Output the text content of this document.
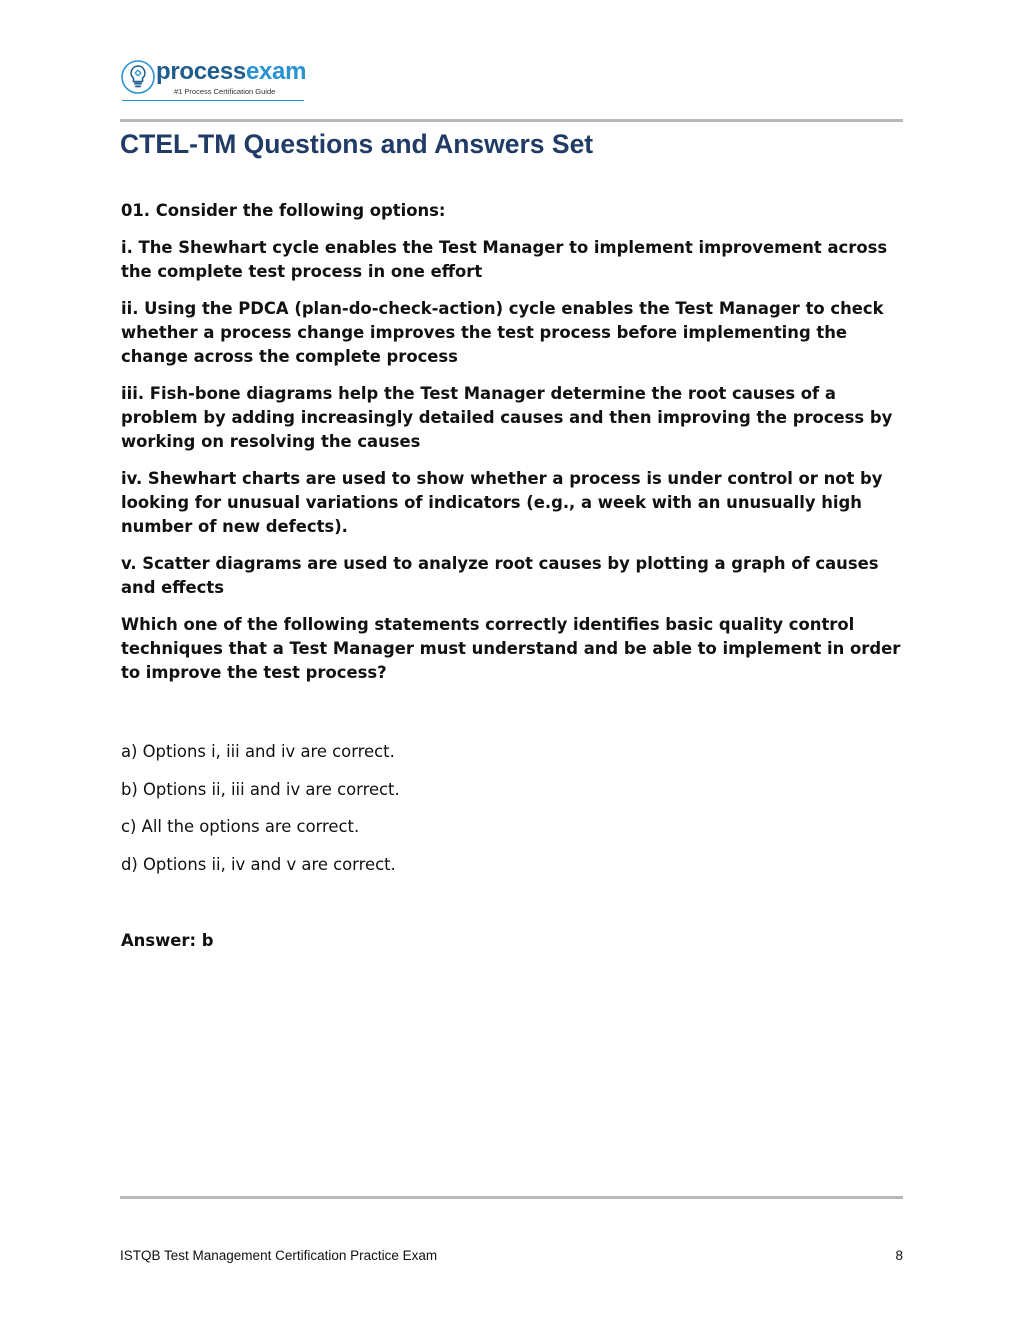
processexam
#1 Process Certification Guide
CTEL-TM Questions and Answers Set

01. Consider the following options:

i. The Shewhart cycle enables the Test Manager to implement improvement across the complete test process in one effort

ii. Using the PDCA (plan-do-check-action) cycle enables the Test Manager to check whether a process change improves the test process before implementing the change across the complete process

iii. Fish-bone diagrams help the Test Manager determine the root causes of a problem by adding increasingly detailed causes and then improving the process by working on resolving the causes

iv. Shewhart charts are used to show whether a process is under control or not by looking for unusual variations of indicators (e.g., a week with an unusually high number of new defects).

v. Scatter diagrams are used to analyze root causes by plotting a graph of causes and effects

Which one of the following statements correctly identifies basic quality control techniques that a Test Manager must understand and be able to implement in order to improve the test process?

a) Options i, iii and iv are correct.

b) Options ii, iii and iv are correct.

c) All the options are correct.

d) Options ii, iv and v are correct.

Answer: b

ISTQB Test Management Certification Practice Exam	8
